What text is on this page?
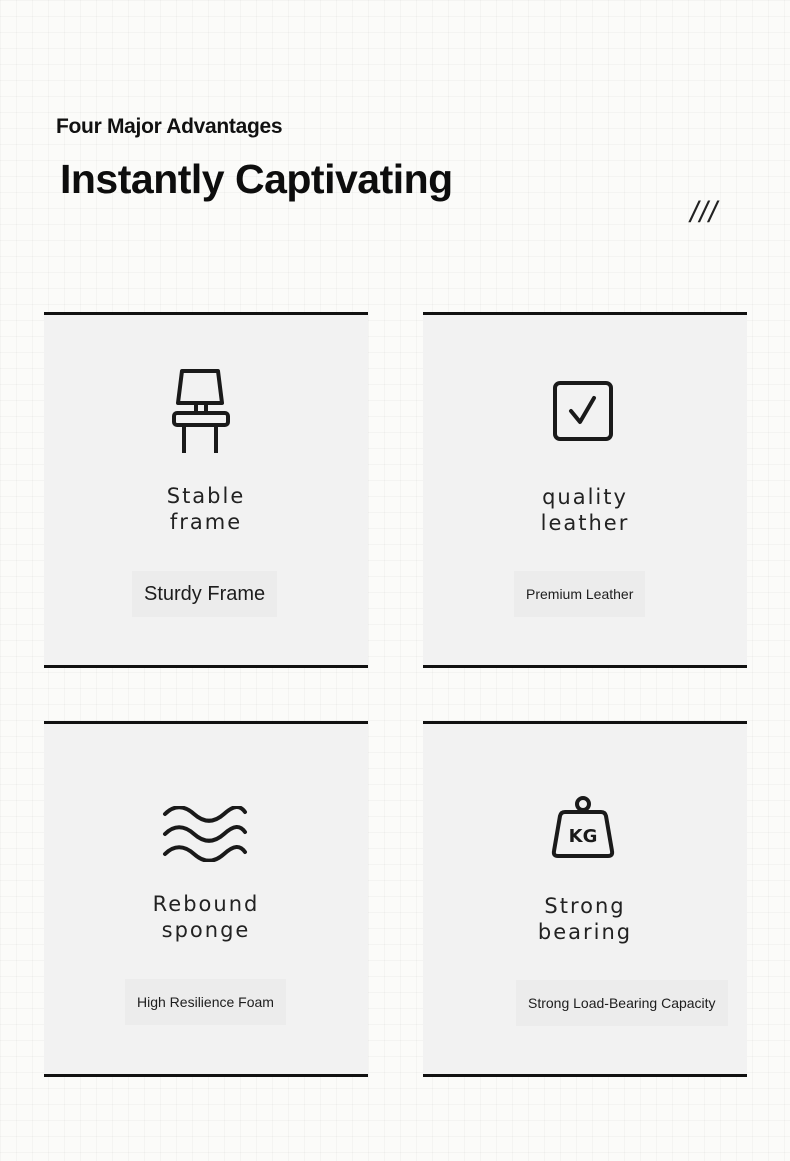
Four Major Advantages
Instantly Captivating
///
Stable
frame
Sturdy Frame
quality
leather
Premium Leather
Rebound
sponge
High Resilience Foam
KG
Strong
bearing
Strong Load-Bearing Capacity
